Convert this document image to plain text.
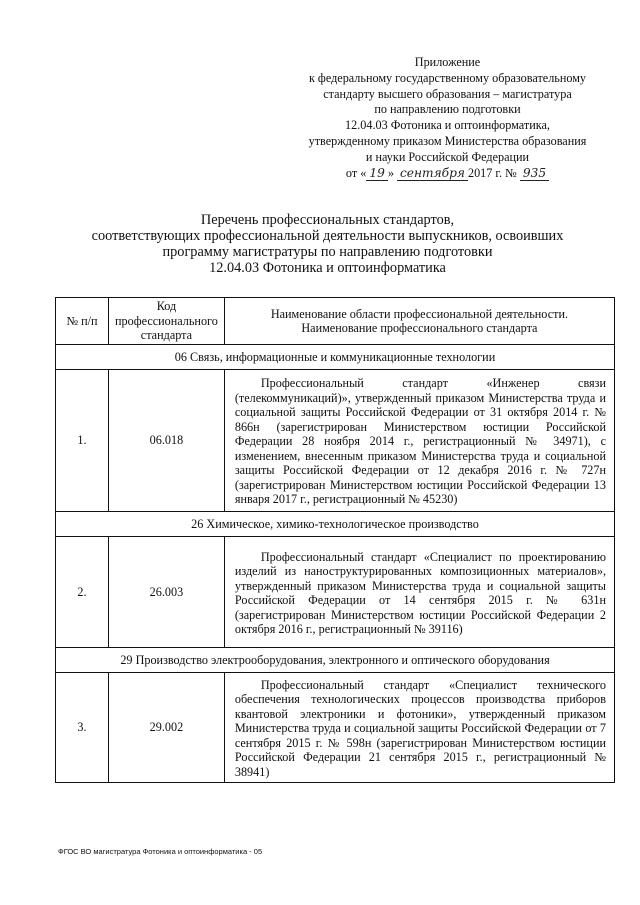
Приложение
к федеральному государственному образовательному
стандарту высшего образования – магистратура
по направлению подготовки
12.04.03 Фотоника и оптоинформатика,
утвержденному приказом Министерства образования
и науки Российской Федерации
от « 19 » сентября 2017 г. № 935
Перечень профессиональных стандартов,
соответствующих профессиональной деятельности выпускников, освоивших
программу магистратуры по направлению подготовки
12.04.03 Фотоника и оптоинформатика
№ п/п	Код профессионального стандарта	Наименование области профессиональной деятельности.
Наименование профессионального стандарта

06 Связь, информационные и коммуникационные технологии		
1.	06.018	Профессиональный стандарт «Инженер связи (телекоммуникаций)», утвержденный приказом Министерства труда и социальной защиты Российской Федерации от 31 октября 2014 г. № 866н (зарегистрирован Министерством юстиции Российской Федерации 28 ноября 2014 г., регистрационный № 34971), с изменением, внесенным приказом Министерства труда и социальной защиты Российской Федерации от 12 декабря 2016 г. № 727н (зарегистрирован Министерством юстиции Российской Федерации 13 января 2017 г., регистрационный № 45230)

26 Химическое, химико-технологическое производство		
2.	26.003	Профессиональный стандарт «Специалист по проектированию изделий из наноструктурированных композиционных материалов», утвержденный приказом Министерства труда и социальной защиты Российской Федерации от 14 сентября 2015 г. № 631н (зарегистрирован Министерством юстиции Российской Федерации 2 октября 2016 г., регистрационный № 39116)

29 Производство электрооборудования, электронного и оптического оборудования		
3.	29.002	Профессиональный стандарт «Специалист технического обеспечения технологических процессов производства приборов квантовой электроники и фотоники», утвержденный приказом Министерства труда и социальной защиты Российской Федерации от 7 сентября 2015 г. № 598н (зарегистрирован Министерством юстиции Российской Федерации 21 сентября 2015 г., регистрационный № 38941)

ФГОС ВО магистратура Фотоника и оптоинформатика - 05
